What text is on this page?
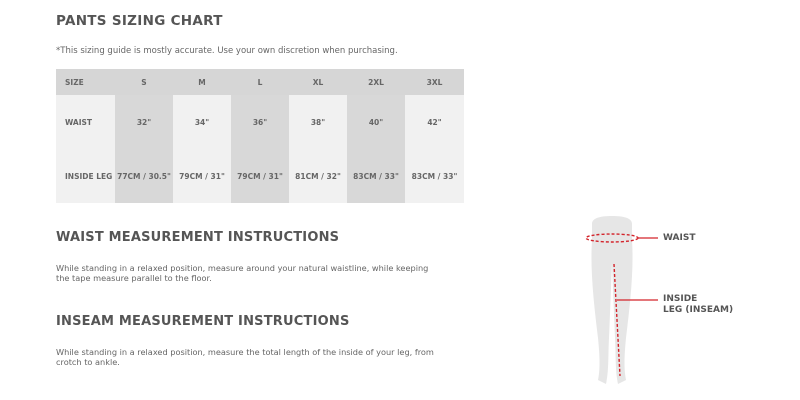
PANTS SIZING CHART
*This sizing guide is mostly accurate. Use your own discretion when purchasing.
SIZE	S	M	L	XL	2XL	3XL
WAIST	32"	34"	36"	38"	40"	42"
INSIDE LEG 77CM / 30.5"	79CM / 31"	79CM / 31"	81CM / 32"	83CM / 33"	83CM / 33"
WAIST MEASUREMENT INSTRUCTIONS
While standing in a relaxed position, measure around your natural waistline, while keeping the tape measure parallel to the floor.
INSEAM MEASUREMENT INSTRUCTIONS
While standing in a relaxed position, measure the total length of the inside of your leg, from crotch to ankle.
WAIST
INSIDE
LEG (INSEAM)
